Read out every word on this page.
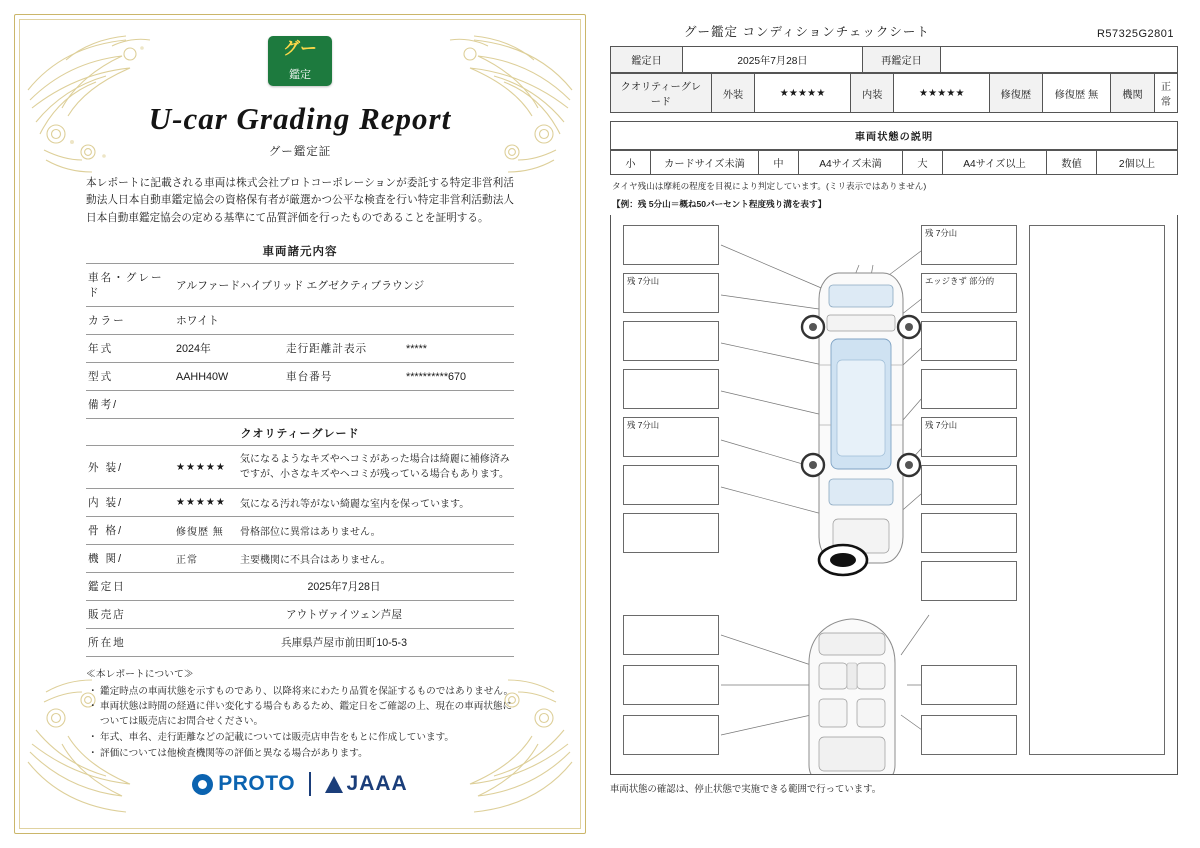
グー
鑑定
U-car Grading Report
グー鑑定証
本レポートに記載される車両は株式会社プロトコーポレーションが委託する特定非営利活動法人日本自動車鑑定協会の資格保有者が厳選かつ公平な検査を行い特定非営利活動法人日本自動車鑑定協会の定める基準にて品質評価を行ったものであることを証明する。
車両諸元内容
車名・グレード	アルファードハイブリッド エグゼクティブラウンジ		
カラー	ホワイト		
年式	2024年	走行距離計表示	*****
型式	AAHH40W	車台番号	**********670
備考/			
クオリティーグレード
外 装/	★★★★★	気になるようなキズやヘコミがあった場合は綺麗に補修済みですが、小さなキズやヘコミが残っている場合もあります。
内 装/	★★★★★	気になる汚れ等がない綺麗な室内を保っています。
骨 格/	修復歴 無	骨格部位に異常はありません。
機 関/	正常	主要機関に不具合はありません。
鑑定日	2025年7月28日
販売店	アウトヴァイツェン芦屋
所在地	兵庫県芦屋市前田町10-5-3
≪本レポートについて≫
・ 鑑定時点の車両状態を示すものであり、以降将来にわたり品質を保証するものではありません。
・ 車両状態は時間の経過に伴い変化する場合もあるため、鑑定日をご確認の上、現在の車両状態については販売店にお問合せください。
・ 年式、車名、走行距離などの記載については販売店申告をもとに作成しています。
・ 評価については他検査機関等の評価と異なる場合があります。
PROTO JAAA
グー鑑定 コンディションチェックシート	R57325G2801
鑑定日	2025年7月28日	再鑑定日	
クオリティーグレード	外装	★★★★★	内装	★★★★★	修復歴	修復歴 無	機関	正常
車両状態の説明
小	カードサイズ未満	中	A4サイズ未満	大	A4サイズ以上	数値	2個以上
タイヤ残山は摩耗の程度を目視により判定しています。(ミリ表示ではありません)
【例：残 5分山＝概ね50パーセント程度残り溝を表す】
残 7分山
残 7分山
残 7分山
エッジきず 部分的
残 7分山
車両状態の確認は、停止状態で実施できる範囲で行っています。
